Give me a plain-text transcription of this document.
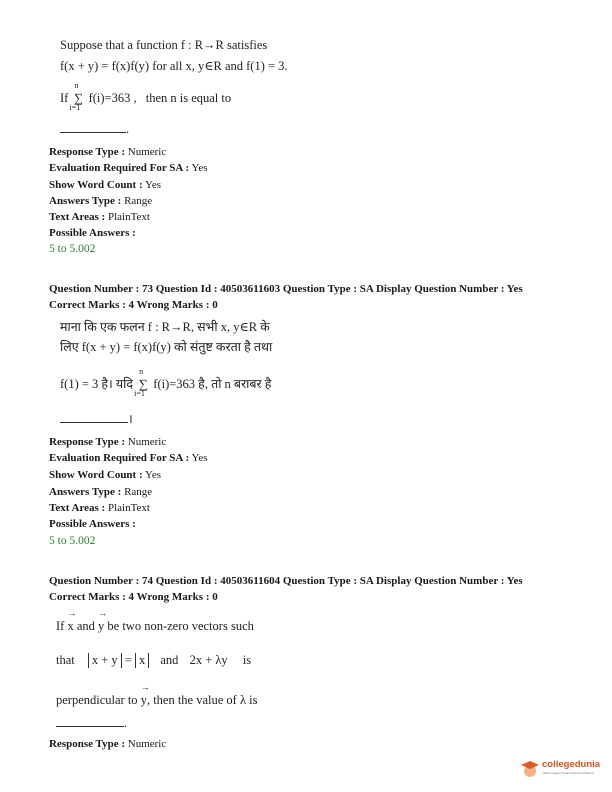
Suppose that a function f : R→R satisfies
f(x + y) = f(x)f(y) for all x, y∈R and f(1) = 3.
If ∑
n
i=1
f(i)=363 , then n is equal to
.
Response Type : Numeric
Evaluation Required For SA : Yes
Show Word Count : Yes
Answers Type : Range
Text Areas : PlainText
Possible Answers :
5 to 5.002
Question Number : 73 Question Id : 40503611603 Question Type : SA Display Question Number : Yes
Correct Marks : 4 Wrong Marks : 0
माना कि एक फलन f : R→R, सभी x, y∈R के
लिए f(x + y) = f(x)f(y) को संतुष्ट करता है तथा
f(1) = 3 है। यदि ∑
n
i=1
f(i)=363 है, तो n बराबर है
।
Response Type : Numeric
Evaluation Required For SA : Yes
Show Word Count : Yes
Answers Type : Range
Text Areas : PlainText
Possible Answers :
5 to 5.002
Question Number : 74 Question Id : 40503611604 Question Type : SA Display Question Number : Yes
Correct Marks : 4 Wrong Marks : 0
If → x and → y be two non-zero vectors such
that x + y = x and 2x + λy is
perpendicular to → y, then the value of λ is
.
Response Type : Numeric
collegedunia
India's largest Student Review Platform
